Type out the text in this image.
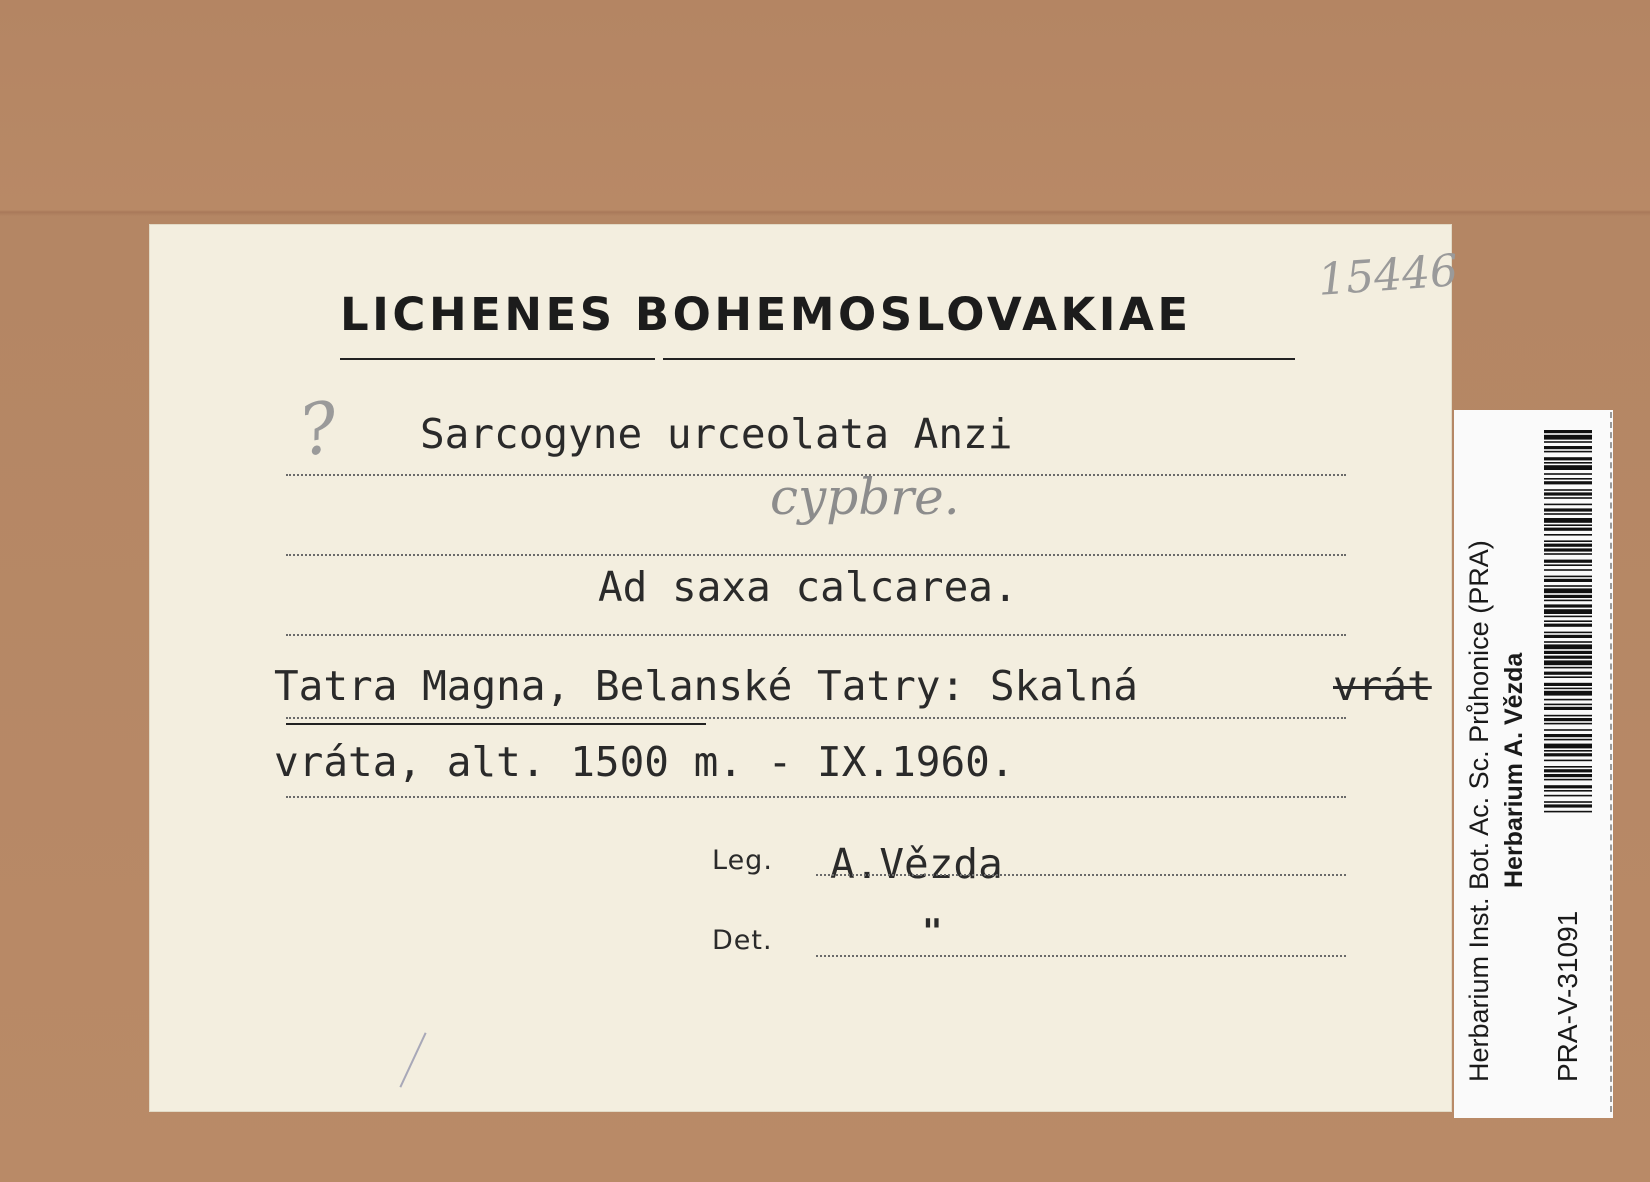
15446
LICHENES BOHEMOSLOVAKIAE
? Sarcogyne urceolata Anzi
cypbre.
Ad saxa calcarea.
Tatra Magna, Belanské Tatry: Skalná	vrát
vráta, alt. 1500 m. - IX.1960.
Leg. A.Vězda
Det.	"	Herbarium Inst. Bot. Ac. Sc. Průhonice (PRA) Herbarium A. Vězda
PRA-V-31091
